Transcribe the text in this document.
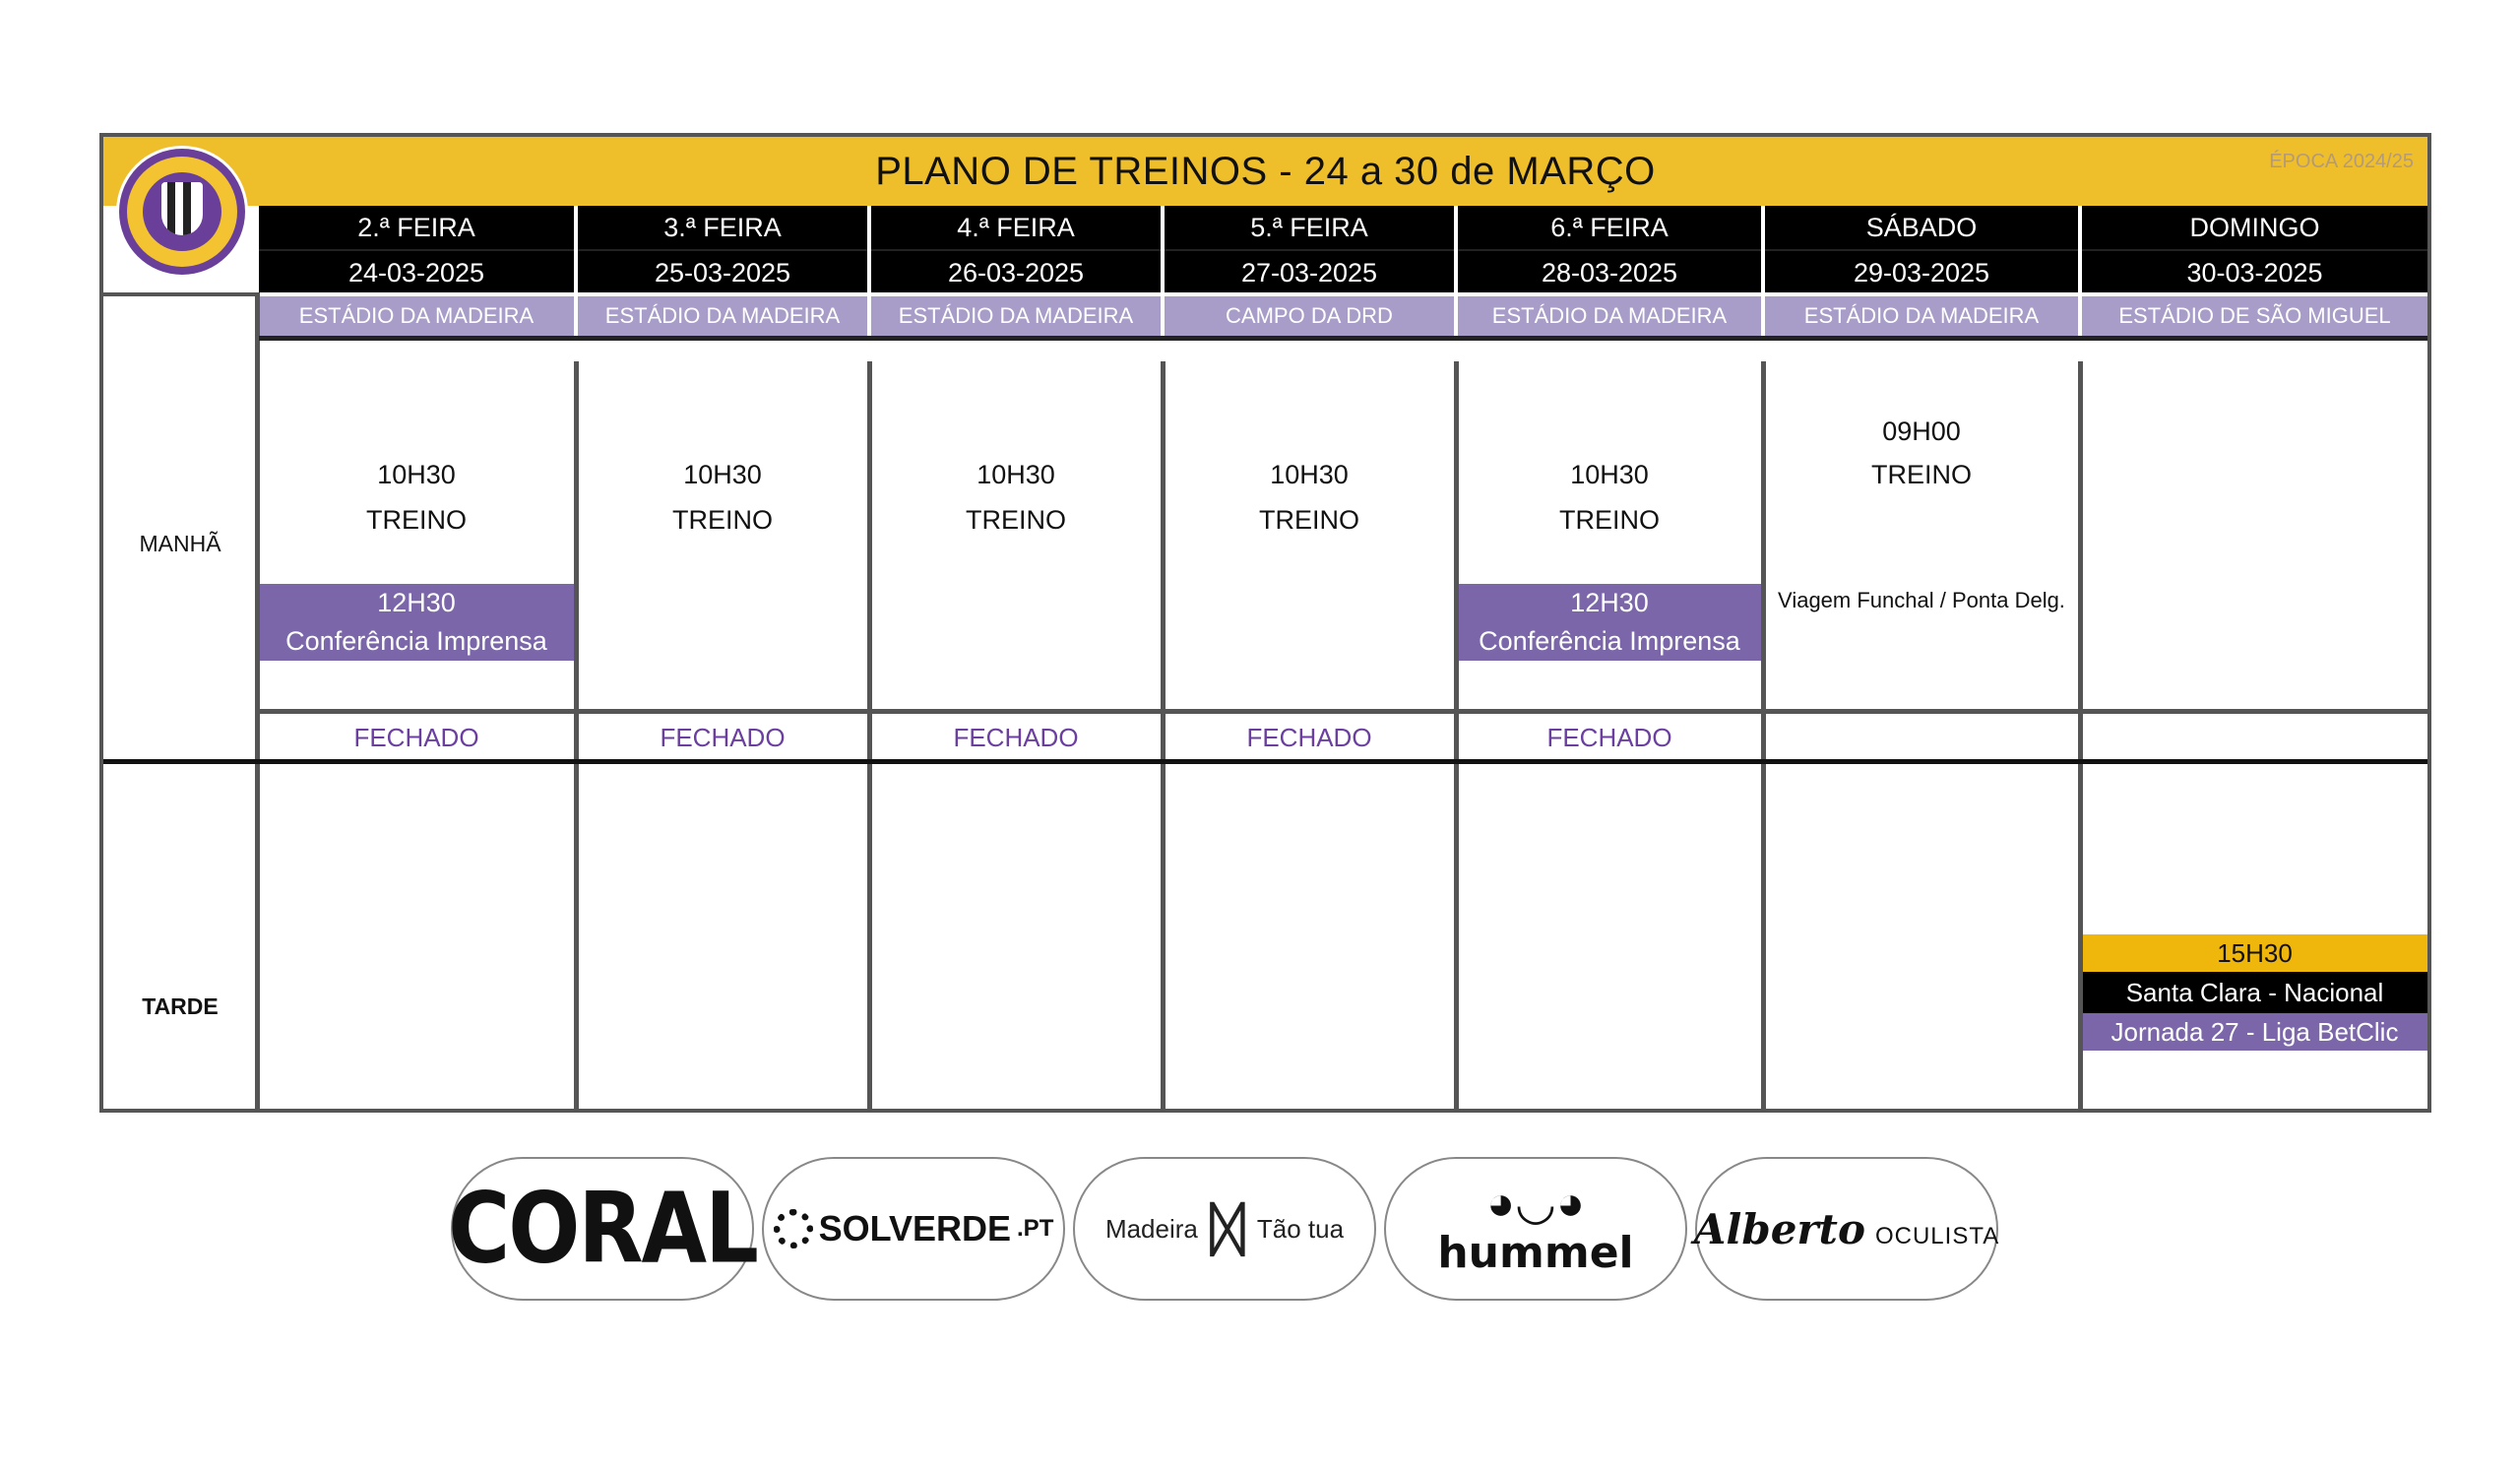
PLANO DE TREINOS - 24 a 30 de MARÇO	ÉPOCA 2024/25
MANHÃ
TARDE
2.ª FEIRA
24-03-2025
ESTÁDIO DA MADEIRA
10H30
TREINO
12H30
Conferência Imprensa
FECHADO
3.ª FEIRA
25-03-2025
ESTÁDIO DA MADEIRA
10H30
TREINO
FECHADO
4.ª FEIRA
26-03-2025
ESTÁDIO DA MADEIRA
10H30
TREINO
FECHADO
5.ª FEIRA
27-03-2025
CAMPO DA DRD
10H30
TREINO
FECHADO
6.ª FEIRA
28-03-2025
ESTÁDIO DA MADEIRA
10H30
TREINO
12H30
Conferência Imprensa
FECHADO
SÁBADO
29-03-2025
ESTÁDIO DA MADEIRA
09H00
TREINO
Viagem Funchal / Ponta Delg.
DOMINGO
30-03-2025
ESTÁDIO DE SÃO MIGUEL
15H30
Santa Clara - Nacional
Jornada 27 - Liga BetClic
CORAL SOLVERDE .PT Madeira ᛞ Tão tua	◕◡◕
hummel Alberto OCULISTA
